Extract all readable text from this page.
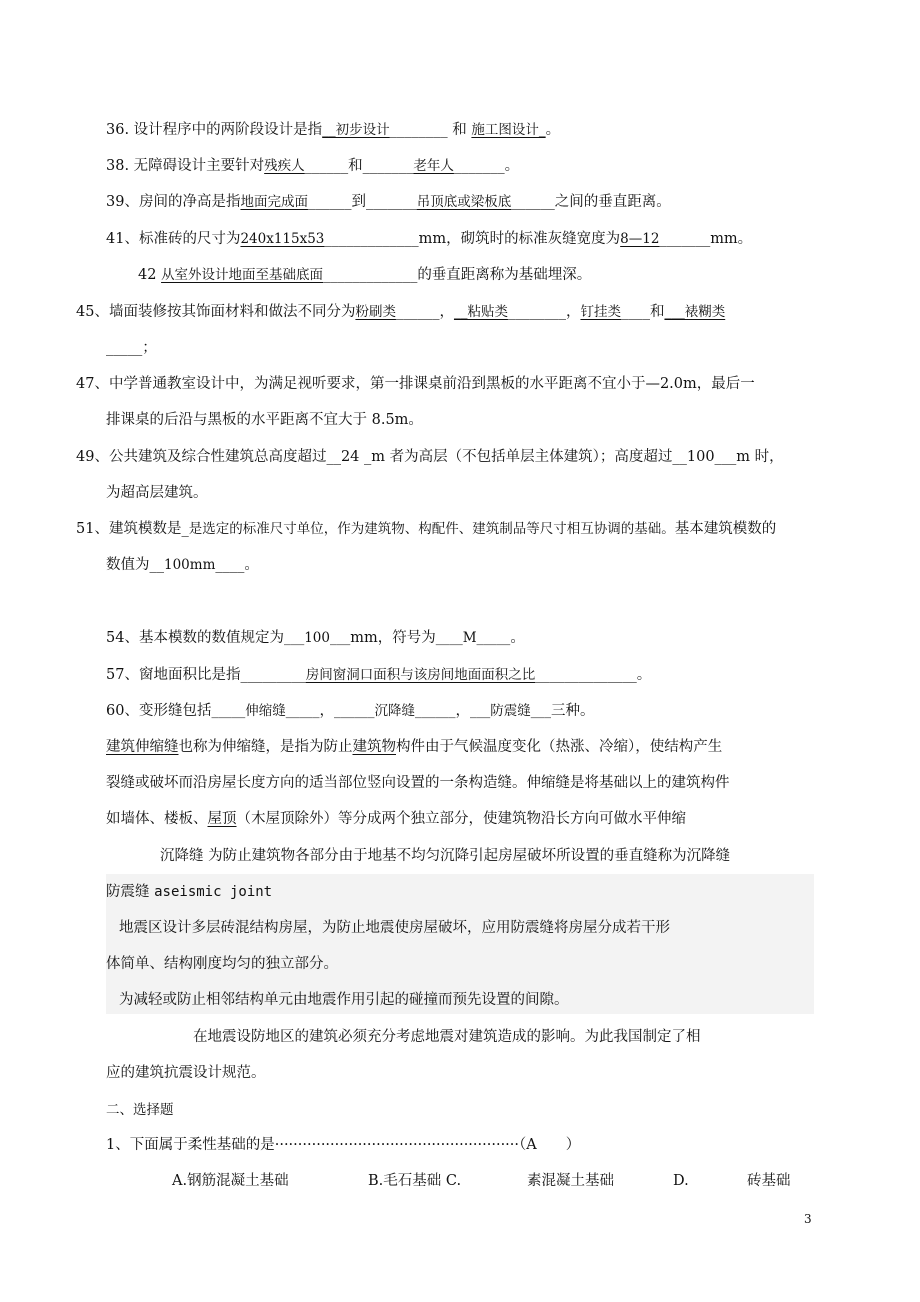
36. 设计程序中的两阶段设计是指__初步设计________ 和 施工图设计_。
38. 无障碍设计主要针对残疾人______和_______老年人_______。
39、房间的净高是指地面完成面______到_______吊顶底或梁板底______之间的垂直距离。
41、标准砖的尺寸为240x115x53_____________mm，砌筑时的标准灰缝宽度为8—12_______mm。
42 从室外设计地面至基础底面_____________的垂直距离称为基础埋深。
45、墙面装修按其饰面材料和做法不同分为粉刷类______，__粘贴类________，钉挂类____和___裱糊类
_____；
47、中学普通教室设计中，为满足视听要求，第一排课桌前沿到黑板的水平距离不宜小于—2.0m，最后一
排课桌的后沿与黑板的水平距离不宜大于 8.5m。
49、公共建筑及综合性建筑总高度超过__24 _m 者为高层（不包括单层主体建筑）；高度超过__100___m 时，
为超高层建筑。
51、建筑模数是_是选定的标准尺寸单位，作为建筑物、构配件、建筑制品等尺寸相互协调的基础。基本建筑模数的
数值为__100mm____。
54、基本模数的数值规定为___100___mm，符号为____M_____。
57、窗地面积比是指_________房间窗洞口面积与该房间地面面积之比______________。
60、变形缝包括_____伸缩缝_____，______沉降缝______，___防震缝___三种。
建筑伸缩缝也称为伸缩缝，是指为防止建筑物构件由于气候温度变化（热涨、冷缩），使结构产生
裂缝或破坏而沿房屋长度方向的适当部位竖向设置的一条构造缝。伸缩缝是将基础以上的建筑构件
如墙体、楼板、屋顶（木屋顶除外）等分成两个独立部分，使建筑物沿长方向可做水平伸缩
沉降缝 为防止建筑物各部分由于地基不均匀沉降引起房屋破坏所设置的垂直缝称为沉降缝
防震缝 aseismic joint
地震区设计多层砖混结构房屋，为防止地震使房屋破坏，应用防震缝将房屋分成若干形
体简单、结构刚度均匀的独立部分。
为减轻或防止相邻结构单元由地震作用引起的碰撞而预先设置的间隙。
在地震设防地区的建筑必须充分考虑地震对建筑造成的影响。为此我国制定了相
应的建筑抗震设计规范。
二、选择题
1、下面属于柔性基础的是·····················································（A　　）
A.钢筋混凝土基础	B.毛石基础 C.	素混凝土基础	D.	砖基础
3
